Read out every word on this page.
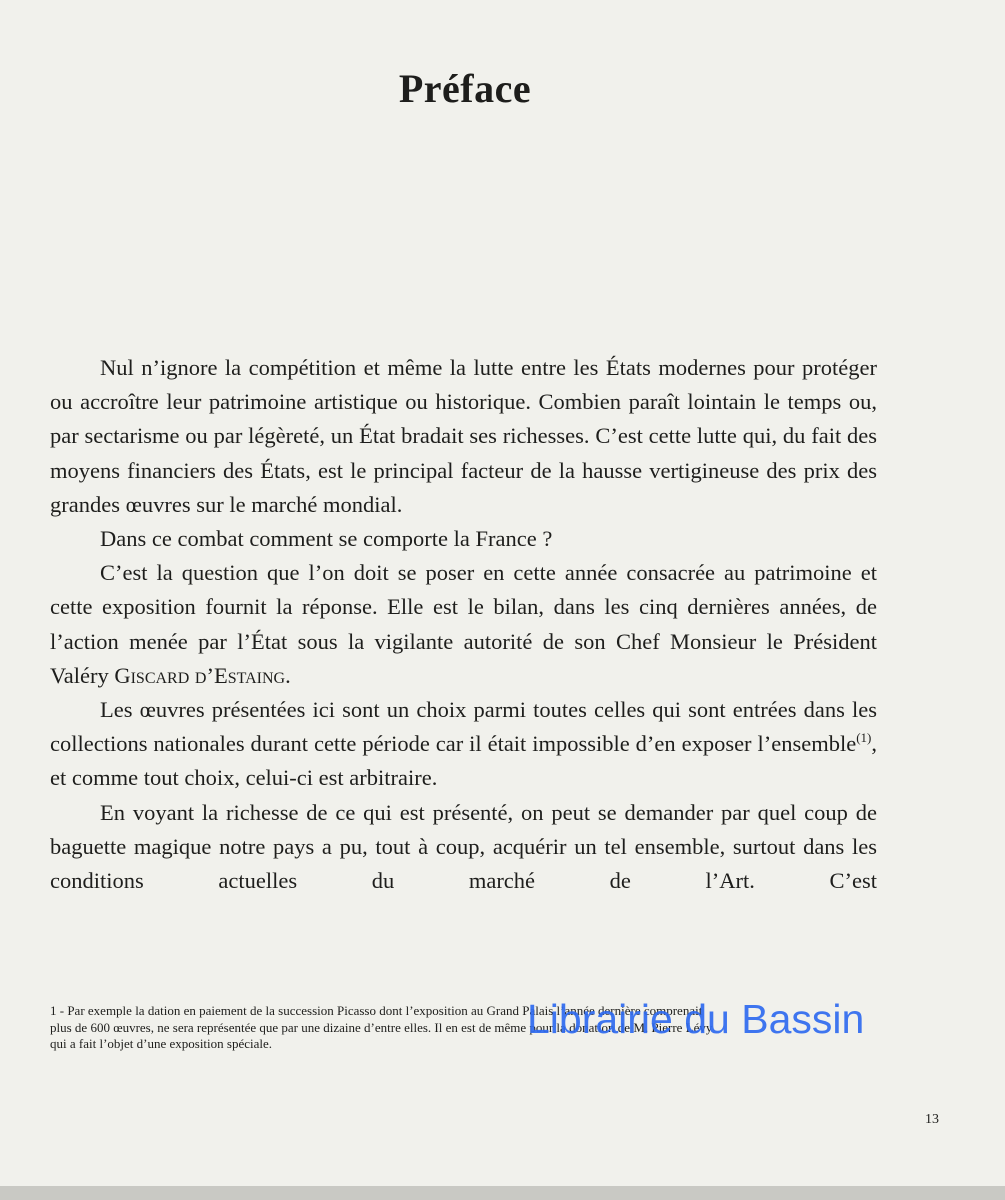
Préface

Nul n’ignore la compétition et même la lutte entre les États modernes pour protéger ou accroître leur patrimoine artistique ou historique. Combien paraît lointain le temps ou, par sectarisme ou par légèreté, un État bradait ses richesses. C’est cette lutte qui, du fait des moyens financiers des États, est le principal facteur de la hausse vertigineuse des prix des grandes œuvres sur le marché mondial.

Dans ce combat comment se comporte la France ?

C’est la question que l’on doit se poser en cette année consacrée au patrimoine et cette exposition fournit la réponse. Elle est le bilan, dans les cinq dernières années, de l’action menée par l’État sous la vigilante autorité de son Chef Monsieur le Président Valéry Giscard d’Estaing.

Les œuvres présentées ici sont un choix parmi toutes celles qui sont entrées dans les collections nationales durant cette période car il était impossible d’en exposer l’ensemble$^{(1)}$, et comme tout choix, celui-ci est arbitraire.

En voyant la richesse de ce qui est présenté, on peut se demander par quel coup de baguette magique notre pays a pu, tout à coup, acquérir un tel ensemble, surtout dans les conditions actuelles du marché de l’Art. C’est

1 - Par exemple la dation en paiement de la succession Picasso dont l’exposition au Grand Palais l’année dernière comprenait

plus de 600 œuvres, ne sera représentée que par une dizaine d’entre elles. Il en est de même pour la donation de M. Pierre Lévy

qui a fait l’objet d’une exposition spéciale.

Librairie du Bassin
13
